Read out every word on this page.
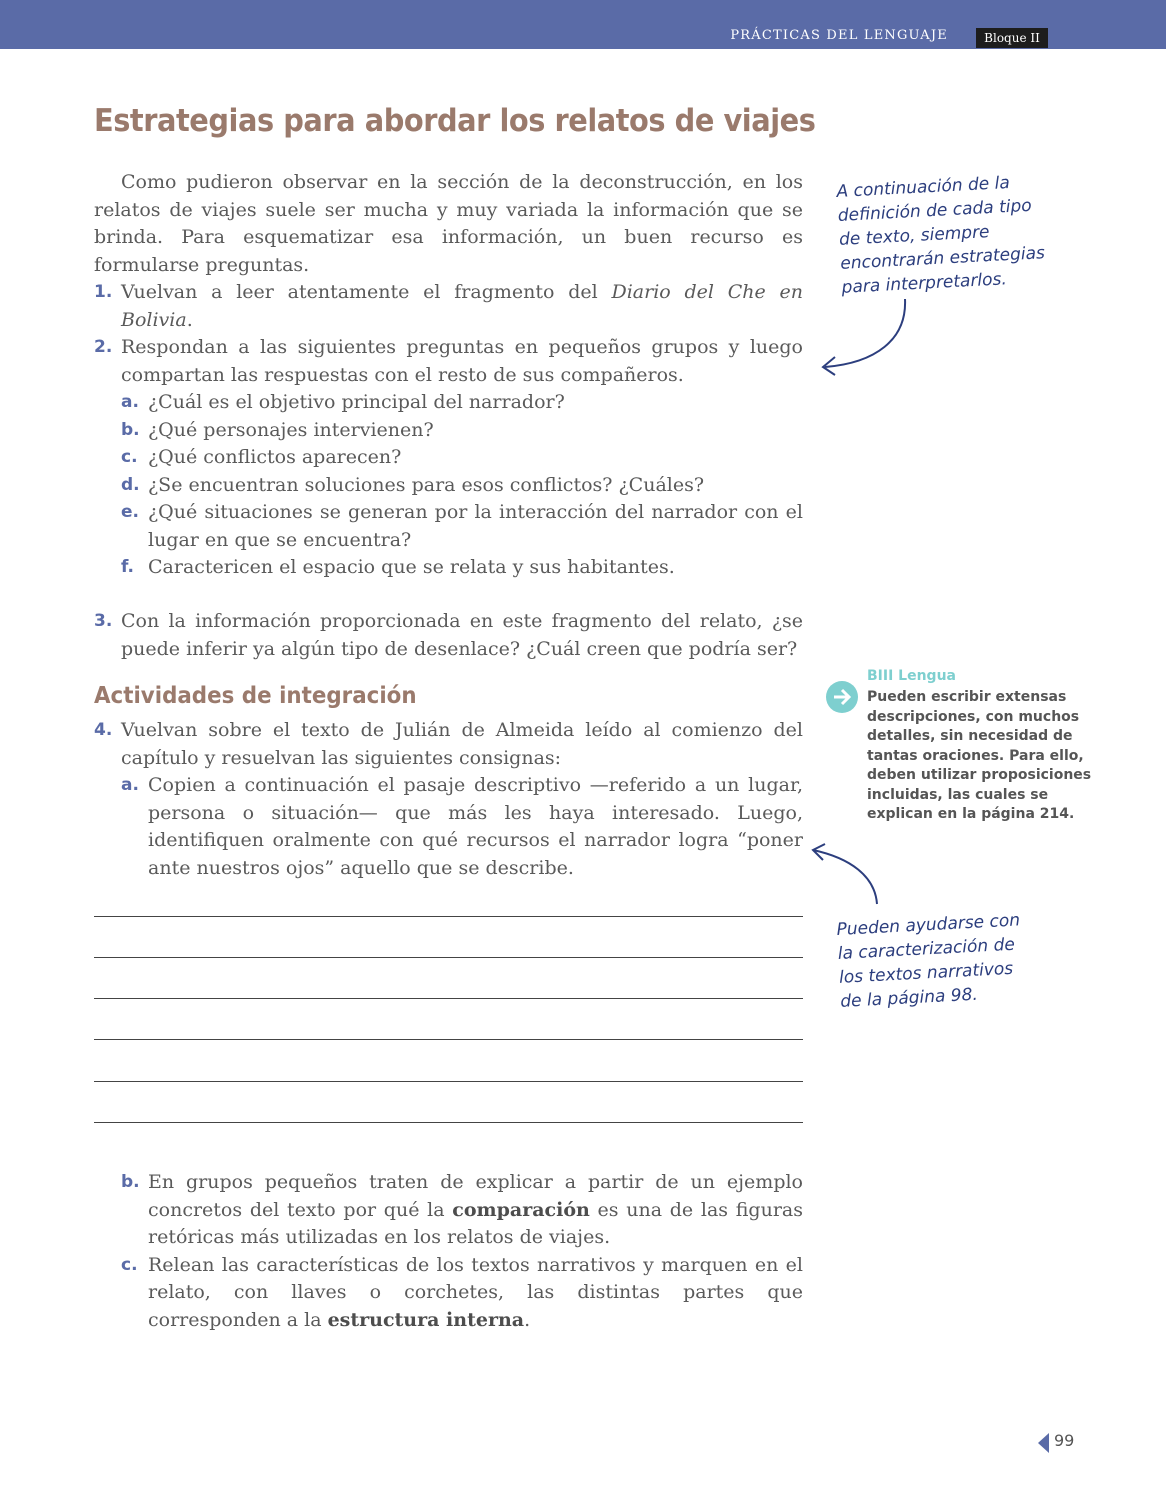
PRÁCTICAS DEL LENGUAJE	Bloque II
Estrategias para abordar los relatos de viajes

Como pudieron observar en la sección de la deconstrucción, en los relatos de viajes suele ser mucha y muy variada la información que se brinda. Para esquematizar esa información, un buen recurso es formularse preguntas.

1. Vuelvan a leer atentamente el fragmento del Diario del Che en Bolivia.
2. Respondan a las siguientes preguntas en pequeños grupos y luego compartan las respuestas con el resto de sus compañeros.
a. ¿Cuál es el objetivo principal del narrador?
b. ¿Qué personajes intervienen?
c. ¿Qué conflictos aparecen?
d. ¿Se encuentran soluciones para esos conflictos? ¿Cuáles?
e. ¿Qué situaciones se generan por la interacción del narrador con el lugar en que se encuentra?
f. Caractericen el espacio que se relata y sus habitantes.
3. Con la información proporcionada en este fragmento del relato, ¿se puede inferir ya algún tipo de desenlace? ¿Cuál creen que podría ser?
Actividades de integración
4. Vuelvan sobre el texto de Julián de Almeida leído al comienzo del capítulo y resuelvan las siguientes consignas:
a. Copien a continuación el pasaje descriptivo —referido a un lugar, persona o situación— que más les haya interesado. Luego, identifiquen oralmente con qué recursos el narrador logra “poner ante nuestros ojos” aquello que se describe.
b. En grupos pequeños traten de explicar a partir de un ejemplo concretos del texto por qué la comparación es una de las figuras retóricas más utilizadas en los relatos de viajes.
c. Relean las características de los textos narrativos y marquen en el relato, con llaves o corchetes, las distintas partes que corresponden a la estructura interna.
A continuación de la definición de cada tipo de texto, siempre encontrarán estrategias para interpretarlos.
BIII Lengua
Pueden escribir extensas descripciones, con muchos detalles, sin necesidad de tantas oraciones. Para ello, deben utilizar proposiciones incluidas, las cuales se explican en la página 214.
Pueden ayudarse con la caracterización de los textos narrativos de la página 98.
99
